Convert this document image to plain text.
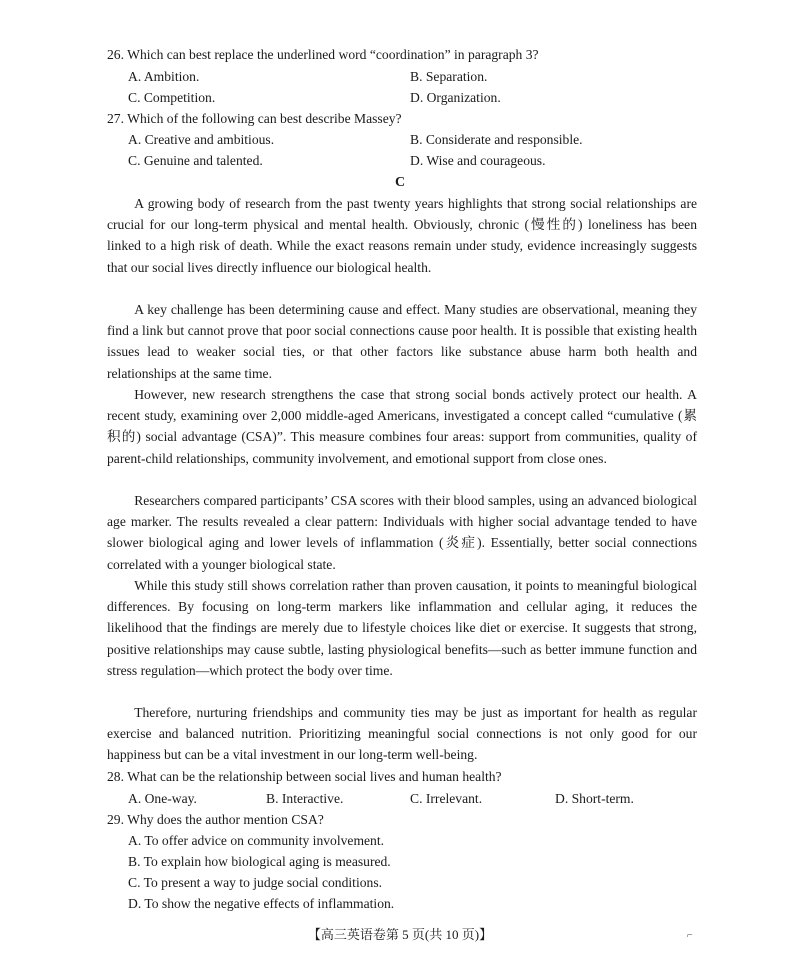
26. Which can best replace the underlined word “coordination” in paragraph 3?
A. Ambition.	B. Separation.
C. Competition.	D. Organization.
27. Which of the following can best describe Massey?
A. Creative and ambitious.	B. Considerate and responsible.
C. Genuine and talented.	D. Wise and courageous.
C

A growing body of research from the past twenty years highlights that strong social relationships are crucial for our long-term physical and mental health. Obviously, chronic (慢性的) loneliness has been linked to a high risk of death. While the exact reasons remain under study, evidence increasingly suggests that our social lives directly influence our biological health.

A key challenge has been determining cause and effect. Many studies are observational, meaning they find a link but cannot prove that poor social connections cause poor health. It is possible that existing health issues lead to weaker social ties, or that other factors like substance abuse harm both health and relationships at the same time.

However, new research strengthens the case that strong social bonds actively protect our health. A recent study, examining over 2,000 middle-aged Americans, investigated a concept called “cumulative (累积的) social advantage (CSA)”. This measure combines four areas: support from communities, quality of parent-child relationships, community involvement, and emotional support from close ones.

Researchers compared participants’ CSA scores with their blood samples, using an advanced biological age marker. The results revealed a clear pattern: Individuals with higher social advantage tended to have slower biological aging and lower levels of inflammation (炎症). Essentially, better social connections correlated with a younger biological state.

While this study still shows correlation rather than proven causation, it points to meaningful biological differences. By focusing on long-term markers like inflammation and cellular aging, it reduces the likelihood that the findings are merely due to lifestyle choices like diet or exercise. It suggests that strong, positive relationships may cause subtle, lasting physiological benefits—such as better immune function and stress regulation—which protect the body over time.

Therefore, nurturing friendships and community ties may be just as important for health as regular exercise and balanced nutrition. Prioritizing meaningful social connections is not only good for our happiness but can be a vital investment in our long-term well-being.

28. What can be the relationship between social lives and human health?
A. One-way.	B. Interactive.	C. Irrelevant.	D. Short-term.
29. Why does the author mention CSA?
A. To offer advice on community involvement.
B. To explain how biological aging is measured.
C. To present a way to judge social conditions.
D. To show the negative effects of inflammation.
【高三英语卷第 5 页(共 10 页)】	⌐
